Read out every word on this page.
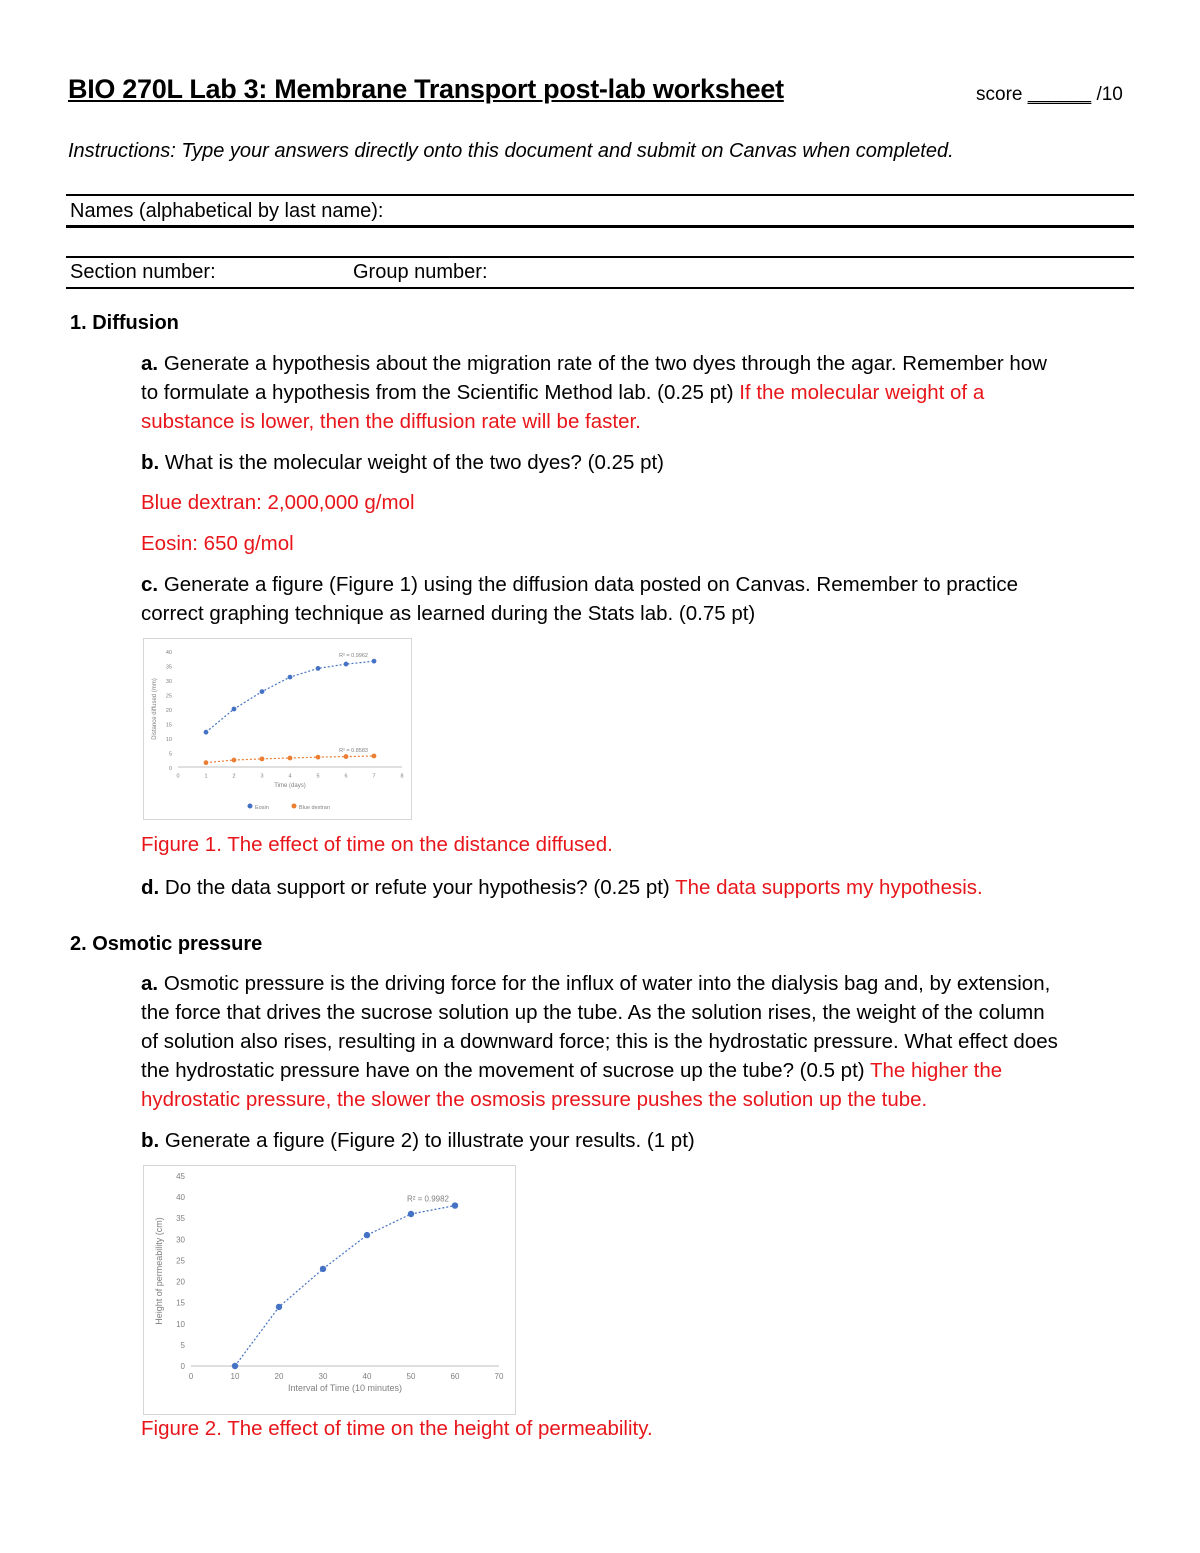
BIO 270L Lab 3: Membrane Transport post-lab worksheet	score ______ /10
Instructions: Type your answers directly onto this document and submit on Canvas when completed.
Names (alphabetical by last name):
Section number:	Group number:
1. Diffusion
a. Generate a hypothesis about the migration rate of the two dyes through the agar. Remember how
to formulate a hypothesis from the Scientific Method lab. (0.25 pt) If the molecular weight of a
substance is lower, then the diffusion rate will be faster.
b. What is the molecular weight of the two dyes? (0.25 pt)
Blue dextran: 2,000,000 g/mol
Eosin: 650 g/mol
c. Generate a figure (Figure 1) using the diffusion data posted on Canvas. Remember to practice
correct graphing technique as learned during the Stats lab. (0.75 pt)
0
5
10
15
20
25
30
35
40
0	1	2	3	4	5	6	7	8
Time (days)
Distance diffused (mm)
R² = 0.9962
R² = 0.8583
Eosin	Blue dextran
Figure 1. The effect of time on the distance diffused.
d. Do the data support or refute your hypothesis? (0.25 pt) The data supports my hypothesis.
2. Osmotic pressure
a. Osmotic pressure is the driving force for the influx of water into the dialysis bag and, by extension,
the force that drives the sucrose solution up the tube. As the solution rises, the weight of the column
of solution also rises, resulting in a downward force; this is the hydrostatic pressure. What effect does
the hydrostatic pressure have on the movement of sucrose up the tube? (0.5 pt) The higher the
hydrostatic pressure, the slower the osmosis pressure pushes the solution up the tube.
b. Generate a figure (Figure 2) to illustrate your results. (1 pt)
0
5
10
15
20
25
30
35
40
45
0	10	20	30	40	50	60	70
Interval of Time (10 minutes)
Height of permeability (cm)
R² = 0.9982
Figure 2. The effect of time on the height of permeability.
